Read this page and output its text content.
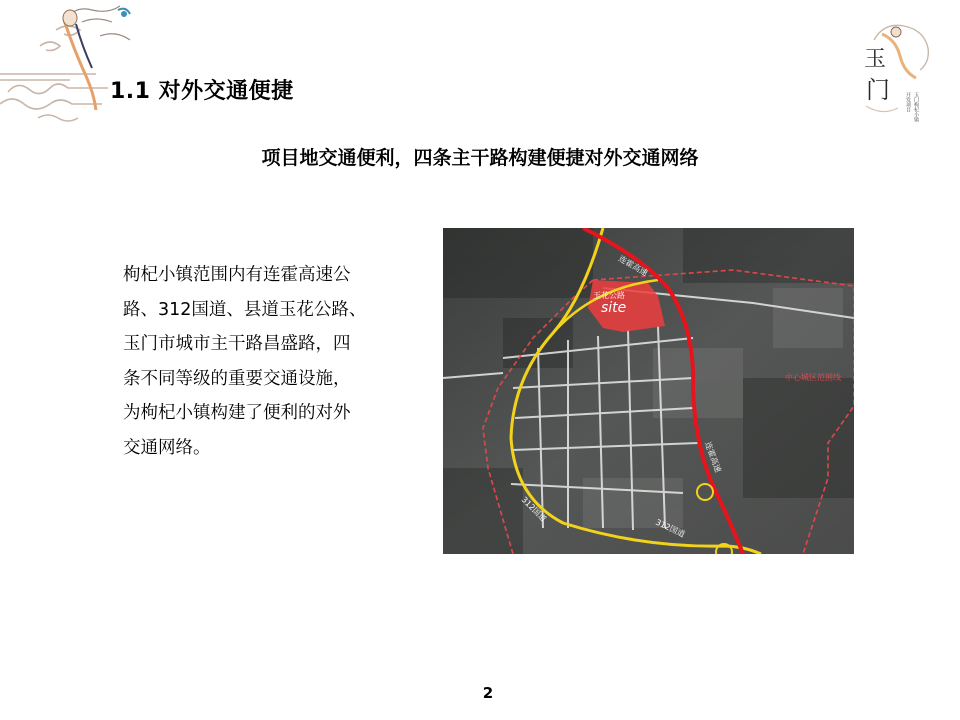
玉
门	开发项目 玉门枸杞小镇
1.1 对外交通便捷
项目地交通便利，四条主干路构建便捷对外交通网络
枸杞小镇范围内有连霍高速公
路、312国道、县道玉花公路、
玉门市城市主干路昌盛路，四
条不同等级的重要交通设施，
为枸杞小镇构建了便利的对外
交通网络。
连霍高速
玉花公路
site
中心城区范围线
连霍高速
312国道
312国道
2
